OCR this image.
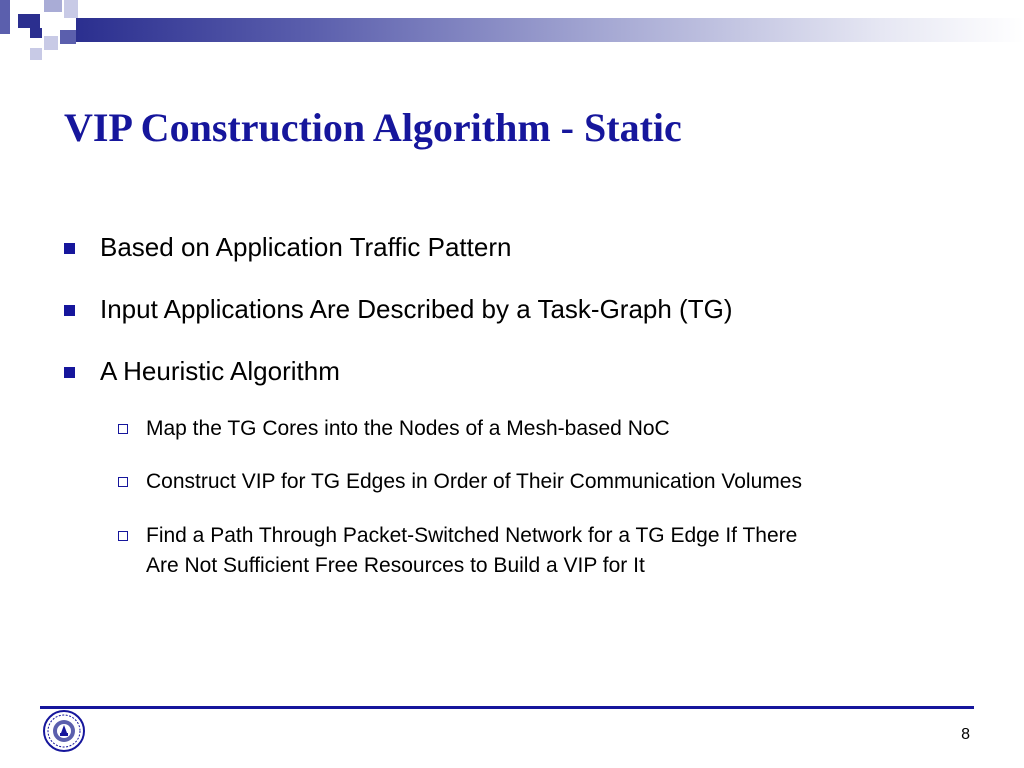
VIP Construction Algorithm - Static
Based on Application Traffic Pattern
Input Applications Are Described by a Task-Graph (TG)
A Heuristic Algorithm
Map the TG Cores into the Nodes of a Mesh-based NoC
Construct VIP for TG Edges in Order of Their Communication Volumes
Find a Path Through Packet-Switched Network for a TG Edge If There
Are Not Sufficient Free Resources to Build a VIP for It
8
